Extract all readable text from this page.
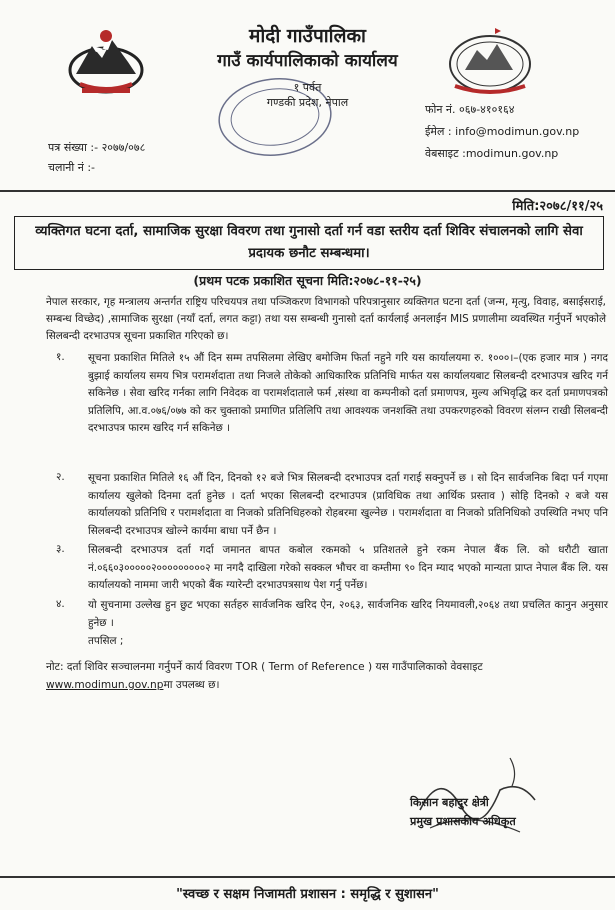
मोदी गाउँपालिका
गाउँ कार्यपालिकाको कार्यालय
१ पर्वत
गण्डकी प्रदेश, नेपाल
फोन नं. ०६७-४१०१६४
ईमेल : info@modimun.gov.np
वेबसाइट :modimun.gov.np
पत्र संख्या :- २०७७/०७८
चलानी नं :-
मिति:२०७८/११/२५
व्यक्तिगत घटना दर्ता, सामाजिक सुरक्षा विवरण तथा गुनासो दर्ता गर्न वडा स्तरीय दर्ता शिविर संचालनको लागि सेवा प्रदायक छनौट सम्बन्धमा।
(प्रथम पटक प्रकाशित सूचना मिति:२०७८-११-२५)
नेपाल सरकार, गृह मन्त्रालय अन्तर्गत राष्ट्रिय परिचयपत्र तथा पञ्जिकरण विभागको परिपत्रानुसार व्यक्तिगत घटना दर्ता (जन्म, मृत्यु, विवाह, बसाईसराई, सम्बन्ध विच्छेद) ,सामाजिक सुरक्षा (नयाँ दर्ता, लगत कट्टा) तथा यस सम्बन्धी गुनासो दर्ता कार्यलाई अनलाईन MIS प्रणालीमा व्यवस्थित गर्नुपर्ने भएकोले सिलबन्दी दरभाउपत्र सूचना प्रकाशित गरिएको छ।
१.	सूचना प्रकाशित मितिले १५ औं दिन सम्म तपसिलमा लेखिए बमोजिम फिर्ता नहुने गरि यस कार्यालयमा रु. १०००।–(एक हजार मात्र ) नगद बुझाई कार्यालय समय भित्र परामर्शदाता तथा निजले तोकेको आधिकारिक प्रतिनिधि मार्फत यस कार्यालयबाट सिलबन्दी दरभाउपत्र खरिद गर्न सकिनेछ । सेवा खरिद गर्नका लागि निवेदक वा परामर्शदाताले फर्म ,संस्था वा कम्पनीको दर्ता प्रमाणपत्र, मुल्य अभिवृद्धि कर दर्ता प्रमाणपत्रको प्रतिलिपि, आ.व.०७६/०७७ को कर चुक्ताको प्रमाणित प्रतिलिपि तथा आवश्यक जनशक्ति तथा उपकरणहरुको विवरण संलग्न राखी सिलबन्दी दरभाउपत्र फारम खरिद गर्न सकिनेछ ।
२.	सूचना प्रकाशित मितिले १६ औं दिन, दिनको १२ बजे भित्र सिलबन्दी दरभाउपत्र दर्ता गराई सक्नुपर्ने छ । सो दिन सार्वजनिक बिदा पर्न गएमा कार्यालय खुलेको दिनमा दर्ता हुनेछ । दर्ता भएका सिलबन्दी दरभाउपत्र (प्राविधिक तथा आर्थिक प्रस्ताव ) सोहि दिनको २ बजे यस कार्यालयको प्रतिनिधि र परामर्शदाता वा निजको प्रतिनिधिहरुको रोहबरमा खुल्नेछ । परामर्शदाता वा निजको प्रतिनिधिको उपस्थिति नभए पनि सिलबन्दी दरभाउपत्र खोल्ने कार्यमा बाधा पर्ने छैन ।
३.	सिलबन्दी दरभाउपत्र दर्ता गर्दा जमानत बापत कबोल रकमको ५ प्रतिशतले हुने रकम नेपाल बैंक लि. को धरौटी खाता नं.०६६०३०००००२०००००००००२ मा नगदै दाखिला गरेको सक्कल भौचर वा कम्तीमा ९० दिन म्याद भएको मान्यता प्राप्त नेपाल बैंक लि. यस कार्यालयको नाममा जारी भएको बैंक ग्यारेन्टी दरभाउपत्रसाथ पेश गर्नु पर्नेछ।
४.	यो सुचनामा उल्लेख हुन छुट भएका सर्तहरु सार्वजनिक खरिद ऐन, २०६३, सार्वजनिक खरिद नियमावली,२०६४ तथा प्रचलित कानुन अनुसार हुनेछ ।
तपसिल ;
नोट: दर्ता शिविर सञ्चालनमा गर्नुपर्ने कार्य विवरण TOR ( Term of Reference ) यस गाउँपालिकाको वेवसाइट www.modimun.gov.npमा उपलब्ध छ।
किसान बहादुर क्षेत्री
प्रमुख प्रशासकीय अधिकृत
"स्वच्छ र सक्षम निजामती प्रशासन : समृद्धि र सुशासन"
